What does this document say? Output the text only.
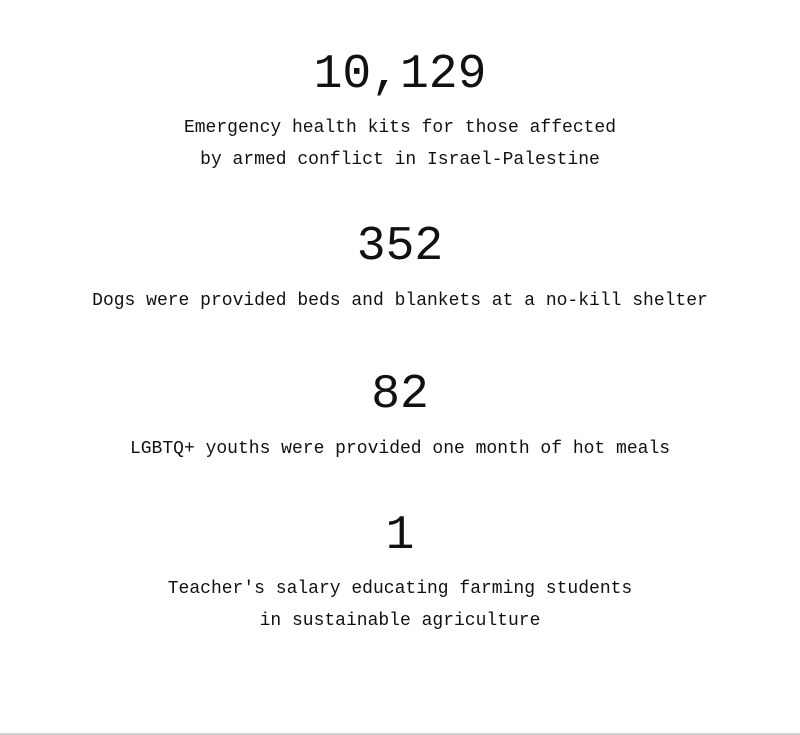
10,129
Emergency health kits for those affected
by armed conflict in Israel-Palestine
352
Dogs were provided beds and blankets at a no-kill shelter
82
LGBTQ+ youths were provided one month of hot meals
1
Teacher's salary educating farming students
in sustainable agriculture
